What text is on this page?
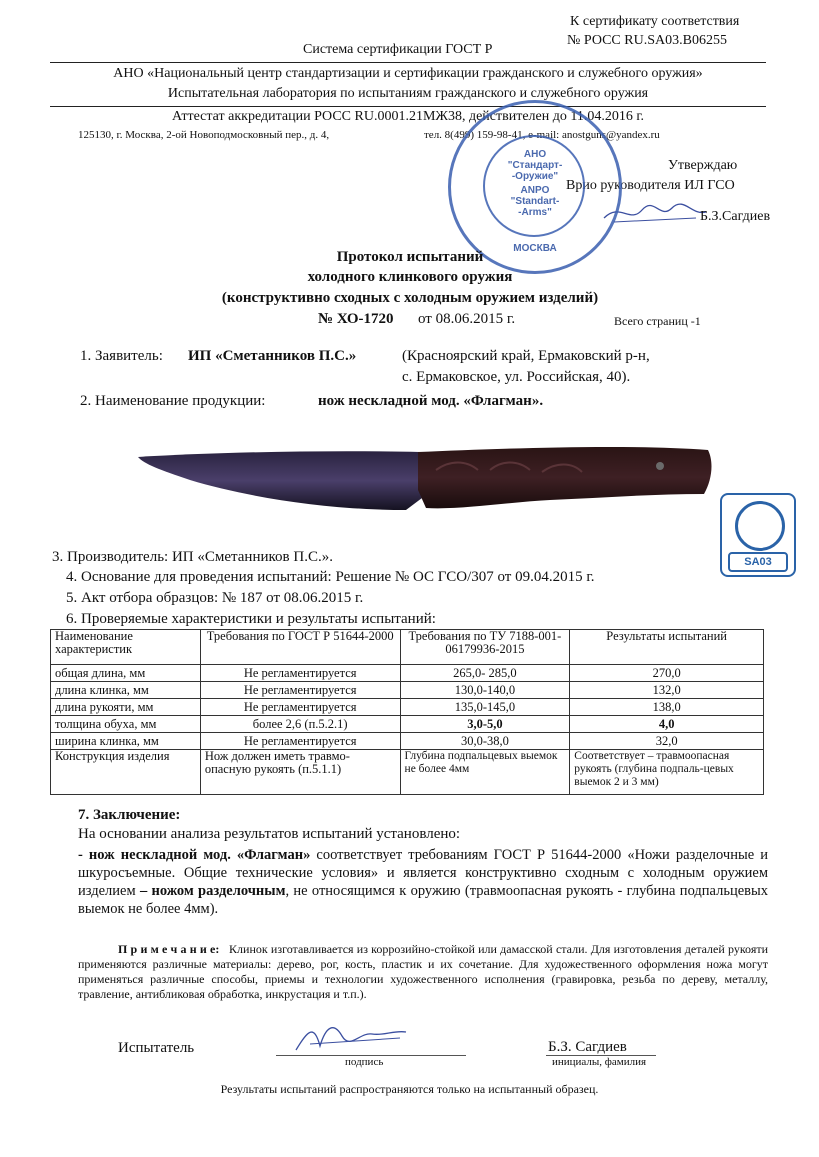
К сертификату соответствия
№ РОСС RU.SA03.B06255
Система сертификации ГОСТ Р
АНО «Национальный центр стандартизации и сертификации гражданского и служебного оружия»
Испытательная лаборатория по испытаниям гражданского и служебного оружия
Аттестат аккредитации РОСС RU.0001.21МЖ38, действителен до 11.04.2016 г.
125130, г. Москва, 2-ой Новоподмосковный пер., д. 4,	тел. 8(499) 159-98-41, e-mail: anostguns@yandex.ru
Утверждаю
Врио руководителя ИЛ ГСО
Б.З.Сагдиев
АНО
"Стандарт-
-Оружие"
ANPO
"Standart-
-Arms"
МОСКВА
Протокол испытаний
холодного клинкового оружия
(конструктивно сходных с холодным оружием изделий)
№ ХО-1720 от 08.06.2015 г.	Всего страниц -1
1. Заявитель: ИП «Сметанников П.С.»	(Красноярский край, Ермаковский р-н,
с. Ермаковское, ул. Российская, 40).
2. Наименование продукции:	нож нескладной мод. «Флагман».
SA03
3. Производитель: ИП «Сметанников П.С.».
4. Основание для проведения испытаний: Решение № ОС ГСО/307 от 09.04.2015 г.
5. Акт отбора образцов: № 187 от 08.06.2015 г.
6. Проверяемые характеристики и результаты испытаний:
Наименование характеристик	Требования по ГОСТ Р 51644-2000	Требования по ТУ 7188-001-06179936-2015	Результаты испытаний
общая длина, мм	Не регламентируется	265,0- 285,0	270,0
длина клинка, мм	Не регламентируется	130,0-140,0	132,0
длина рукояти, мм	Не регламентируется	135,0-145,0	138,0
толщина обуха, мм	более 2,6 (п.5.2.1)	3,0-5,0	4,0
ширина клинка, мм	Не регламентируется	30,0-38,0	32,0
Конструкция изделия	Нож должен иметь травмо-опасную рукоять (п.5.1.1)	Глубина подпальцевых выемок не более 4мм	Соответствует – травмоопасная рукоять (глубина подпаль-цевых выемок 2 и 3 мм)
7. Заключение:
На основании анализа результатов испытаний установлено:
- нож нескладной мод. «Флагман» соответствует требованиям ГОСТ Р 51644-2000 «Ножи разделочные и шкуросъемные. Общие технические условия» и является конструктивно сходным с холодным оружием изделием – ножом разделочным, не относящимся к оружию (травмоопасная рукоять - глубина подпальцевых выемок не более 4мм).
П р и м е ч а н и е: Клинок изготавливается из коррозийно-стойкой или дамасской стали. Для изготовления деталей рукояти применяются различные материалы: дерево, рог, кость, пластик и их сочетание. Для художественного оформления ножа могут применяться различные способы, приемы и технологии художественного исполнения (гравировка, резьба по дереву, металлу, травление, антибликовая обработка, инкрустация и т.п.).
Испытатель
подпись
Б.З. Сагдиев
инициалы, фамилия
Результаты испытаний распространяются только на испытанный образец.
